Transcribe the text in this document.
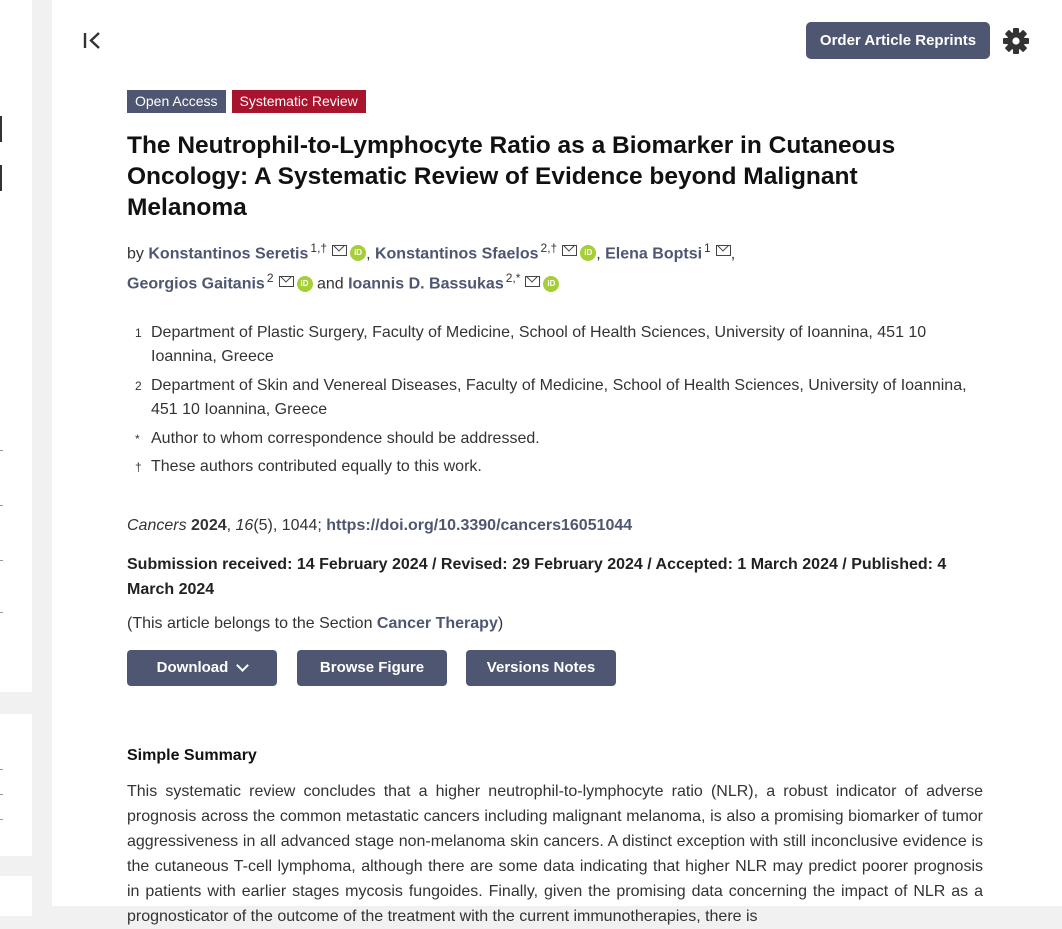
Order Article Reprints
Open Access	Systematic Review
The Neutrophil-to-Lymphocyte Ratio as a Biomarker in Cutaneous Oncology: A Systematic Review of Evidence beyond Malignant Melanoma
by Konstantinos Seretis $^{1,\dagger}$	iD , Konstantinos Sfaelos $^{2,\dagger}$	iD , Elena Boptsi $^1$ ,
Georgios Gaitanis $^2$	iD and Ioannis D. Bassukas $^{2,*}$	iD
1 Department of Plastic Surgery, Faculty of Medicine, School of Health Sciences, University of Ioannina, 451 10 Ioannina, Greece
2 Department of Skin and Venereal Diseases, Faculty of Medicine, School of Health Sciences, University of Ioannina, 451 10 Ioannina, Greece
* Author to whom correspondence should be addressed.
† These authors contributed equally to this work.
Cancers 2024, 16(5), 1044; https://doi.org/10.3390/cancers16051044
Submission received: 14 February 2024 / Revised: 29 February 2024 / Accepted: 1 March 2024 / Published: 4 March 2024
(This article belongs to the Section Cancer Therapy)
Download	Browse Figure	Versions Notes
Simple Summary
This systematic review concludes that a higher neutrophil-to-lymphocyte ratio (NLR), a robust indicator of adverse prognosis across the common metastatic cancers including malignant melanoma, is also a promising biomarker of tumor aggressiveness in all advanced stage non-melanoma skin cancers. A distinct exception with still inconclusive evidence is the cutaneous T-cell lymphoma, although there are some data indicating that higher NLR may predict poorer prognosis in patients with earlier stages mycosis fungoides. Finally, given the promising data concerning the impact of NLR as a prognosticator of the outcome of the treatment with the current immunotherapies, there is
